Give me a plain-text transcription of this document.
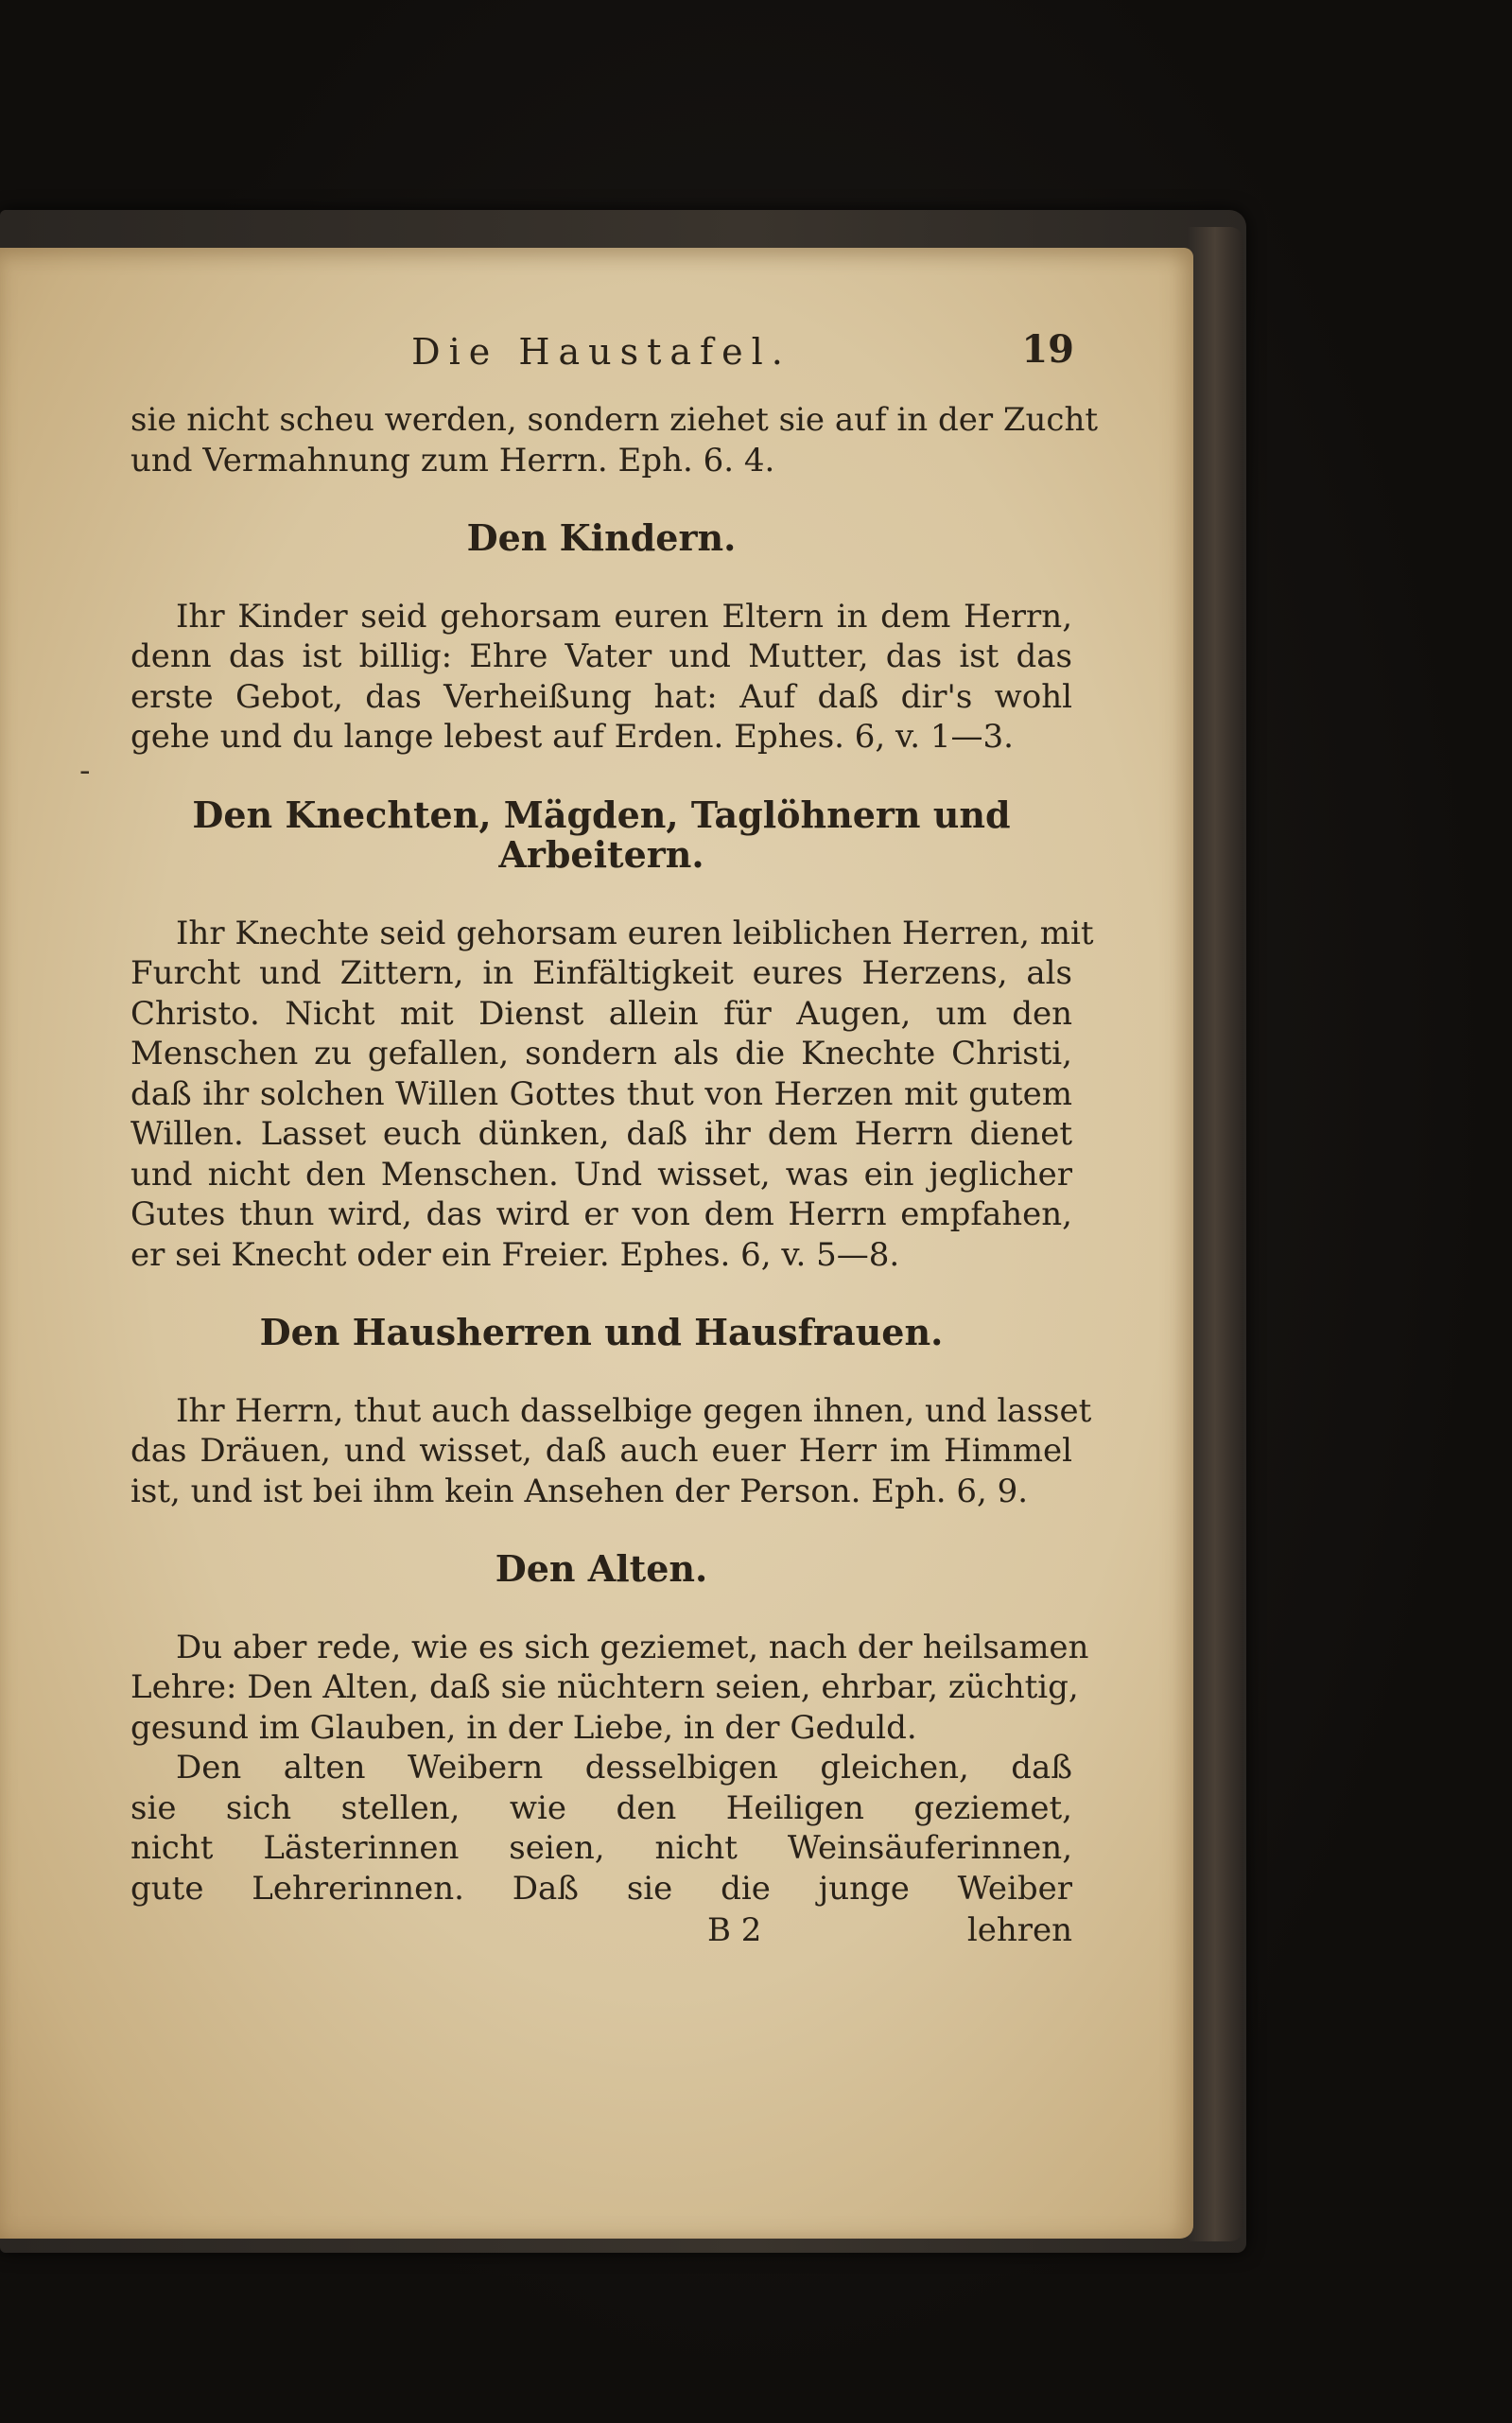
-
Die Haustafel.	19
sie nicht scheu werden, sondern ziehet sie auf in der Zucht
und Vermahnung zum Herrn. Eph. 6. 4.
Den Kindern.
Ihr Kinder seid gehorsam euren Eltern in dem Herrn,
denn das ist billig: Ehre Vater und Mutter, das ist das
erste Gebot, das Verheißung hat: Auf daß dir's wohl
gehe und du lange lebest auf Erden. Ephes. 6, v. 1—3.
Den Knechten, Mägden, Taglöhnern und Arbeitern.
Ihr Knechte seid gehorsam euren leiblichen Herren, mit
Furcht und Zittern, in Einfältigkeit eures Herzens, als
Christo. Nicht mit Dienst allein für Augen, um den
Menschen zu gefallen, sondern als die Knechte Christi,
daß ihr solchen Willen Gottes thut von Herzen mit gutem
Willen. Lasset euch dünken, daß ihr dem Herrn dienet
und nicht den Menschen. Und wisset, was ein jeglicher
Gutes thun wird, das wird er von dem Herrn empfahen,
er sei Knecht oder ein Freier. Ephes. 6, v. 5—8.
Den Hausherren und Hausfrauen.
Ihr Herrn, thut auch dasselbige gegen ihnen, und lasset
das Dräuen, und wisset, daß auch euer Herr im Himmel
ist, und ist bei ihm kein Ansehen der Person. Eph. 6, 9.
Den Alten.
Du aber rede, wie es sich geziemet, nach der heilsamen
Lehre: Den Alten, daß sie nüchtern seien, ehrbar, züchtig,
gesund im Glauben, in der Liebe, in der Geduld.
Den alten Weibern desselbigen gleichen, daß
sie sich stellen, wie den Heiligen geziemet,
nicht Lästerinnen seien, nicht Weinsäuferinnen,
gute Lehrerinnen. Daß sie die junge Weiber
B 2	lehren
